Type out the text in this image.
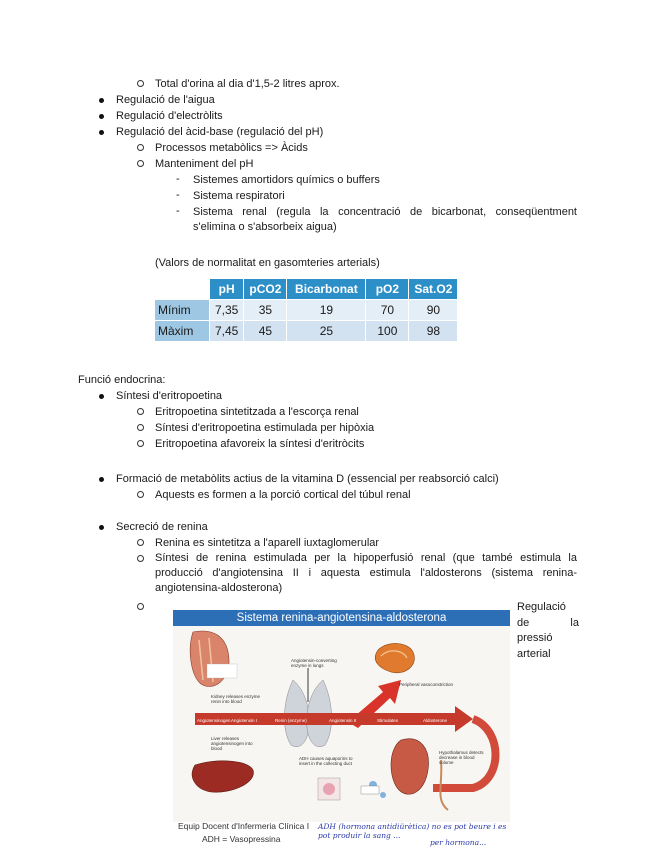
Total d'orina al dia d'1,5-2 litres aprox.
Regulació de l'aigua
Regulació d'electròlits
Regulació del àcid-base (regulació del pH)
Processos metabòlics => Àcids
Manteniment del pH
- Sistemes amortidors químics o buffers
- Sistema respiratori
- Sistema renal (regula la concentració de bicarbonat, conseqüentment s'elimina o s'absorbeix aigua)
(Valors de normalitat en gasomteries arterials)
	pH	pCO2	Bicarbonat	pO2	Sat.O2
Mínim	7,35	35	19	70	90
Màxim	7,45	45	25	100	98
Funció endocrina:
Síntesi d'eritropoetina
Eritropoetina sintetitzada a l'escorça renal
Síntesi d'eritropoetina estimulada per hipòxia
Eritropoetina afavoreix la síntesi d'eritròcits
Formació de metabòlits actius de la vitamina D (essencial per reabsorció calci)
Aquests es formen a la porció cortical del túbul renal
Secreció de renina
Renina es sintetitza a l'aparell iuxtaglomerular
Síntesi de renina estimulada per la hipoperfusió renal (que també estimula la producció d'angiotensina II i aquesta estimula l'aldosterons (sistema renina-angiotensina-aldosterona)
Regulació de la pressió arterial
Sistema renina-angiotensina-aldosterona
Angiotensinogen Angiotensin I	Renin (enzyme)	Angiotensin II	Stimulates	Aldosterone
Kidney releases enzyme renin into blood
Liver releases angiotensinogen into blood
Angiotensin-converting enzyme in lungs
Peripheral vasoconstriction
ADH causes aquaporins to insert in the collecting duct
Hypothalamus detects decrease in blood volume
Equip Docent d'Infermeria Clínica I
ADH = Vasopressina
ADH (hormona antidiürètica) no es pot beure i es pot produir la sang ...
per hormona...
